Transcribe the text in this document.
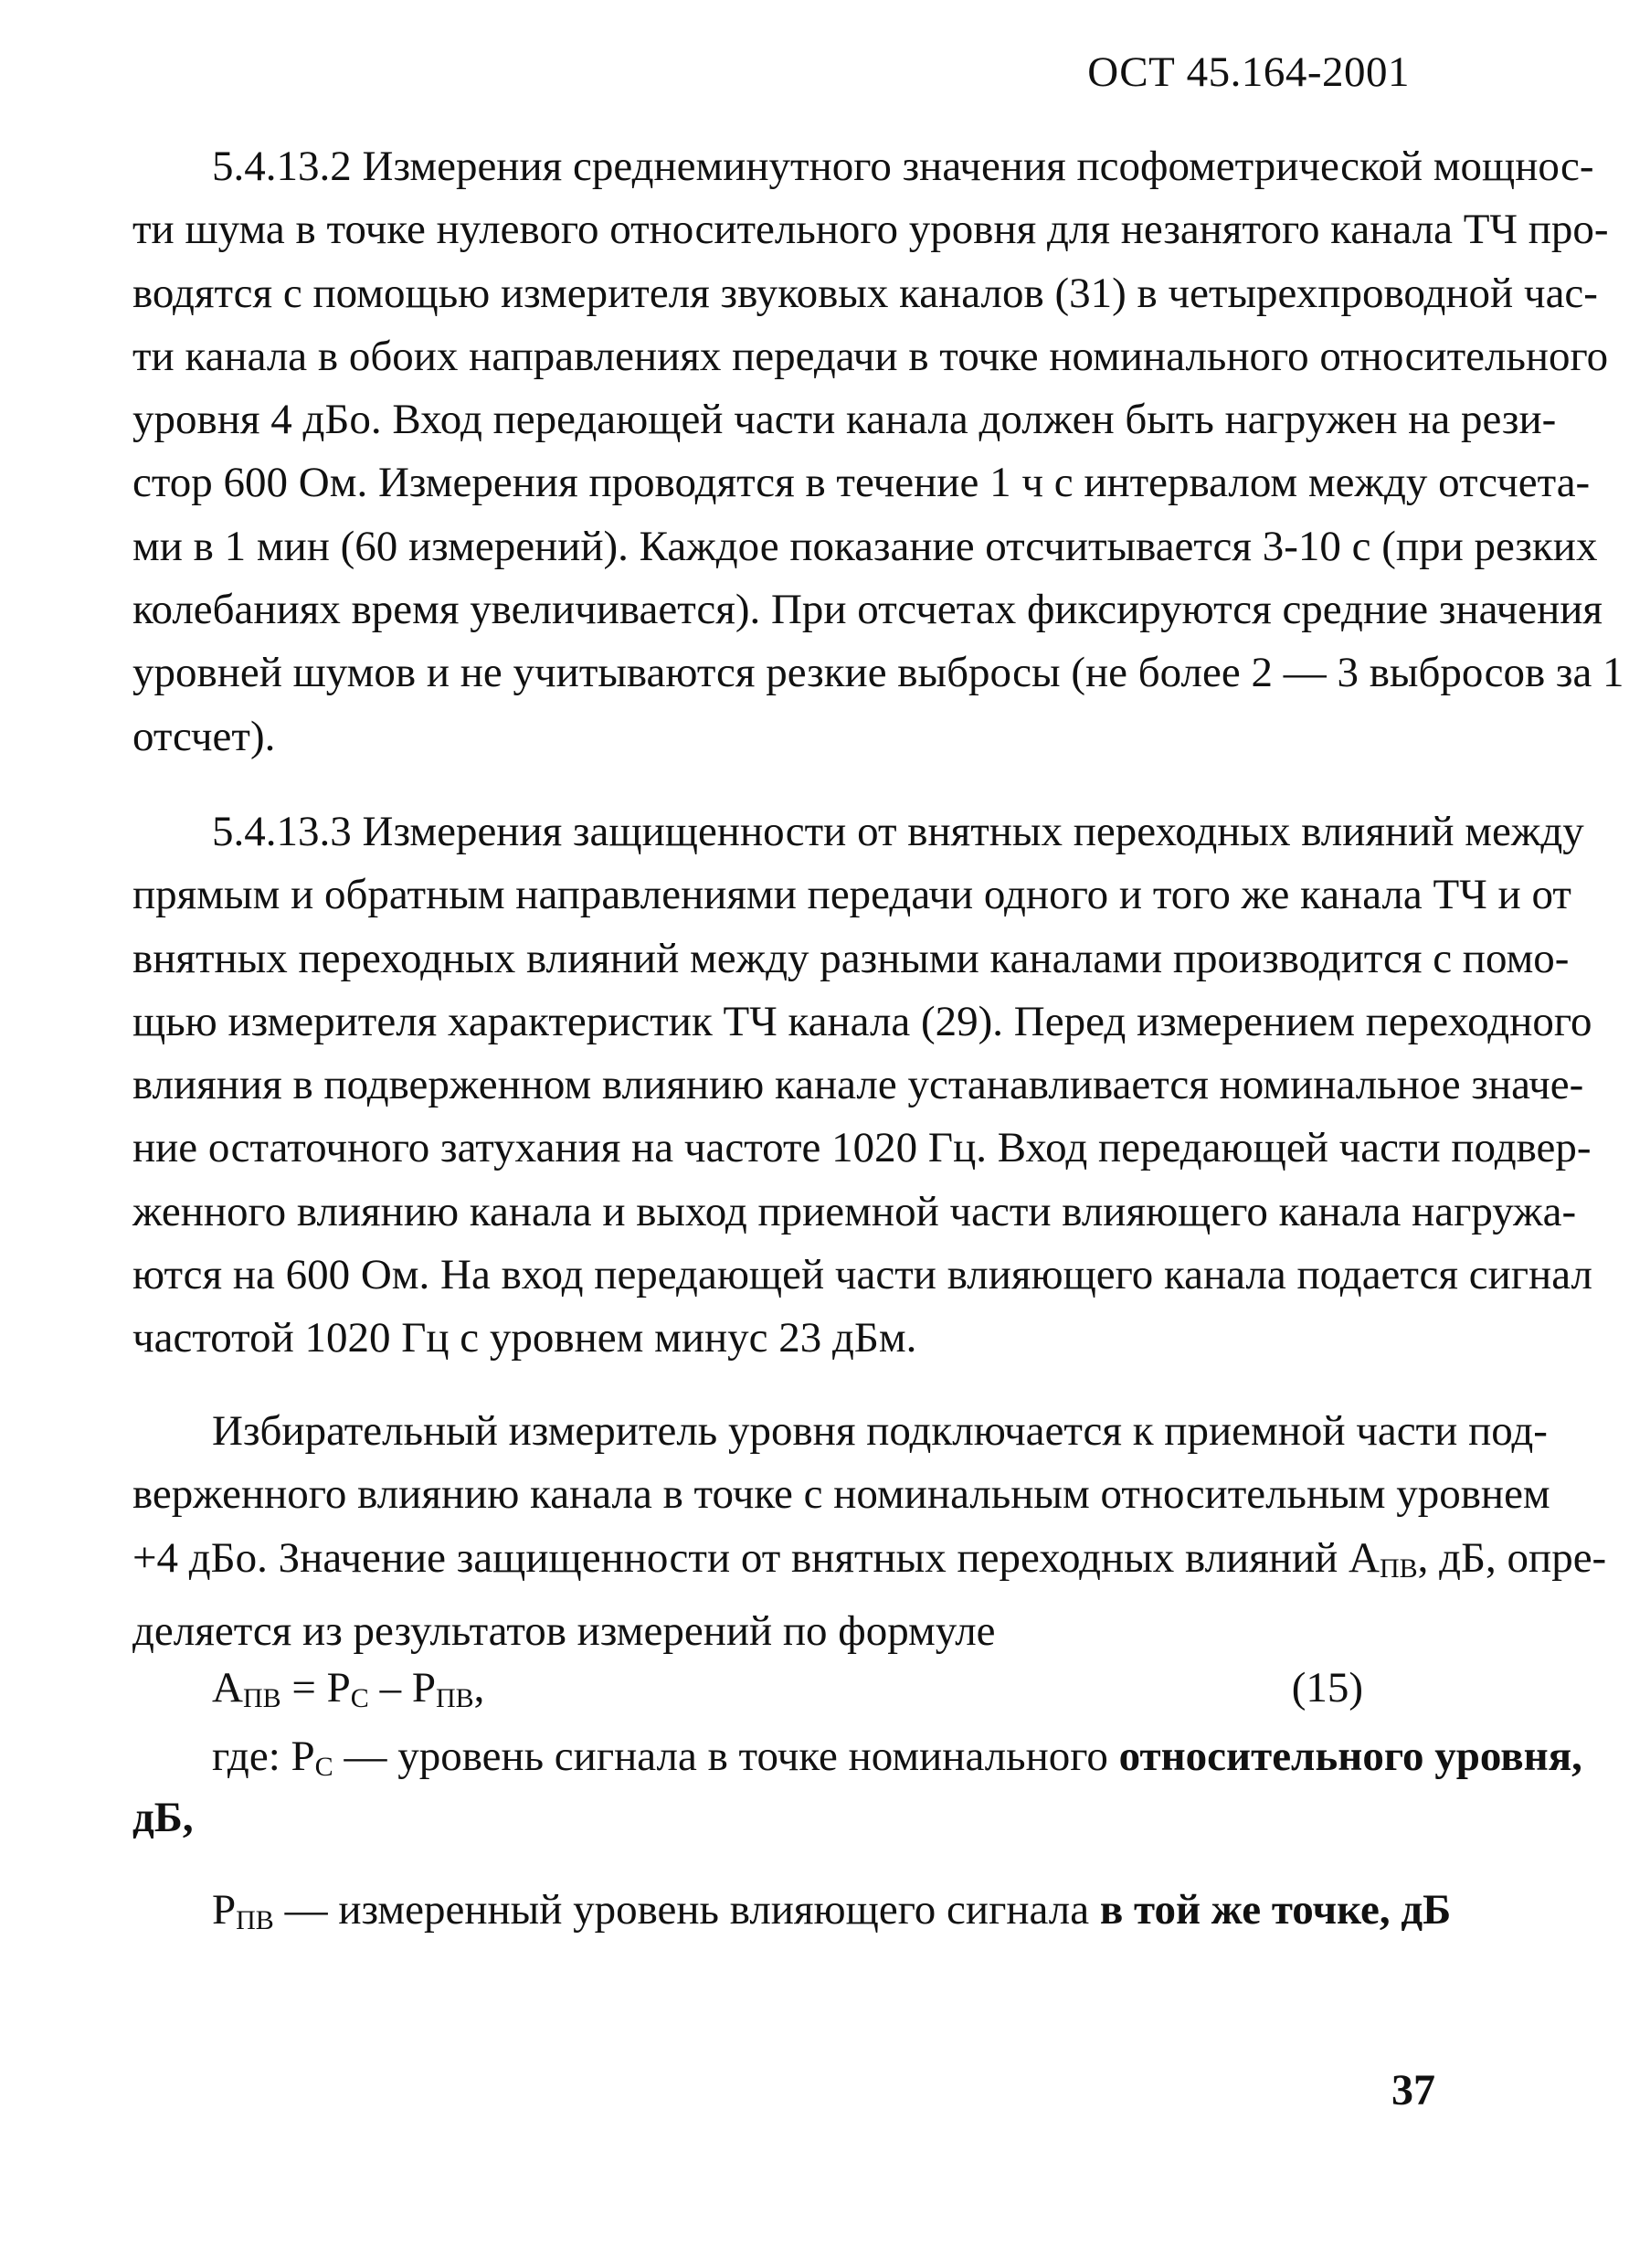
ОСТ 45.164-2001
5.4.13.2 Измерения среднеминутного значения псофометрической мощнос-
ти шума в точке нулевого относительного уровня для незанятого канала ТЧ про-
водятся с помощью измерителя звуковых каналов (31) в четырехпроводной час-
ти канала в обоих направлениях передачи в точке номинального относительного
уровня 4 дБо. Вход передающей части канала должен быть нагружен на рези-
стор 600 Ом. Измерения проводятся в течение 1 ч с интервалом между отсчета-
ми в 1 мин (60 измерений). Каждое показание отсчитывается 3-10 с (при резких
колебаниях время увеличивается). При отсчетах фиксируются средние значения
уровней шумов и не учитываются резкие выбросы (не более 2 — 3 выбросов за 1
отсчет).
5.4.13.3 Измерения защищенности от внятных переходных влияний между
прямым и обратным направлениями передачи одного и того же канала ТЧ и от
внятных переходных влияний между разными каналами производится с помо-
щью измерителя характеристик ТЧ канала (29). Перед измерением переходного
влияния в подверженном влиянию канале устанавливается номинальное значе-
ние остаточного затухания на частоте 1020 Гц. Вход передающей части подвер-
женного влиянию канала и выход приемной части влияющего канала нагружа-
ются на 600 Ом. На вход передающей части влияющего канала подается сигнал
частотой 1020 Гц с уровнем минус 23 дБм.
Избирательный измеритель уровня подключается к приемной части под-
верженного влиянию канала в точке с номинальным относительным уровнем
+4 дБо. Значение защищенности от внятных переходных влияний $А_{ПВ}$, дБ, опре-
деляется из результатов измерений по формуле
$А_{ПВ} = Р_С - Р_{ПВ}$,	(15)
где: $Р_С$ — уровень сигнала в точке номинального относительного уровня,
дБ,
$Р_{ПВ}$ — измеренный уровень влияющего сигнала в той же точке, дБ
37
